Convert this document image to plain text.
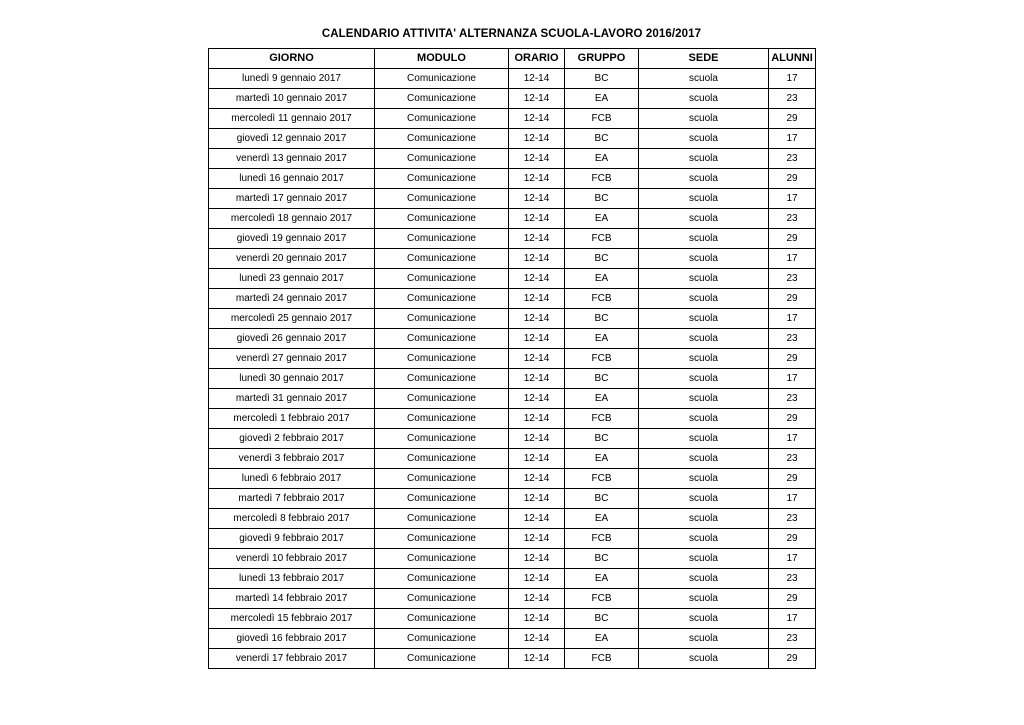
CALENDARIO ATTIVITA' ALTERNANZA SCUOLA-LAVORO 2016/2017
GIORNO	MODULO	ORARIO	GRUPPO	SEDE	ALUNNI
lunedì 9 gennaio 2017	Comunicazione	12-14	BC	scuola	17
martedì 10 gennaio 2017	Comunicazione	12-14	EA	scuola	23
mercoledì 11 gennaio 2017	Comunicazione	12-14	FCB	scuola	29
giovedì 12 gennaio 2017	Comunicazione	12-14	BC	scuola	17
venerdì 13 gennaio 2017	Comunicazione	12-14	EA	scuola	23
lunedì 16 gennaio 2017	Comunicazione	12-14	FCB	scuola	29
martedì 17 gennaio 2017	Comunicazione	12-14	BC	scuola	17
mercoledì 18 gennaio 2017	Comunicazione	12-14	EA	scuola	23
giovedì 19 gennaio 2017	Comunicazione	12-14	FCB	scuola	29
venerdì 20 gennaio 2017	Comunicazione	12-14	BC	scuola	17
lunedì 23 gennaio 2017	Comunicazione	12-14	EA	scuola	23
martedì 24 gennaio 2017	Comunicazione	12-14	FCB	scuola	29
mercoledì 25 gennaio 2017	Comunicazione	12-14	BC	scuola	17
giovedì 26 gennaio 2017	Comunicazione	12-14	EA	scuola	23
venerdì 27 gennaio 2017	Comunicazione	12-14	FCB	scuola	29
lunedì 30 gennaio 2017	Comunicazione	12-14	BC	scuola	17
martedì 31 gennaio 2017	Comunicazione	12-14	EA	scuola	23
mercoledì 1 febbraio 2017	Comunicazione	12-14	FCB	scuola	29
giovedì 2 febbraio 2017	Comunicazione	12-14	BC	scuola	17
venerdì 3 febbraio 2017	Comunicazione	12-14	EA	scuola	23
lunedì 6 febbraio 2017	Comunicazione	12-14	FCB	scuola	29
martedì 7 febbraio 2017	Comunicazione	12-14	BC	scuola	17
mercoledì 8 febbraio 2017	Comunicazione	12-14	EA	scuola	23
giovedì 9 febbraio 2017	Comunicazione	12-14	FCB	scuola	29
venerdì 10 febbraio 2017	Comunicazione	12-14	BC	scuola	17
lunedì 13 febbraio 2017	Comunicazione	12-14	EA	scuola	23
martedì 14 febbraio 2017	Comunicazione	12-14	FCB	scuola	29
mercoledì 15 febbraio 2017	Comunicazione	12-14	BC	scuola	17
giovedì 16 febbraio 2017	Comunicazione	12-14	EA	scuola	23
venerdì 17 febbraio 2017	Comunicazione	12-14	FCB	scuola	29
